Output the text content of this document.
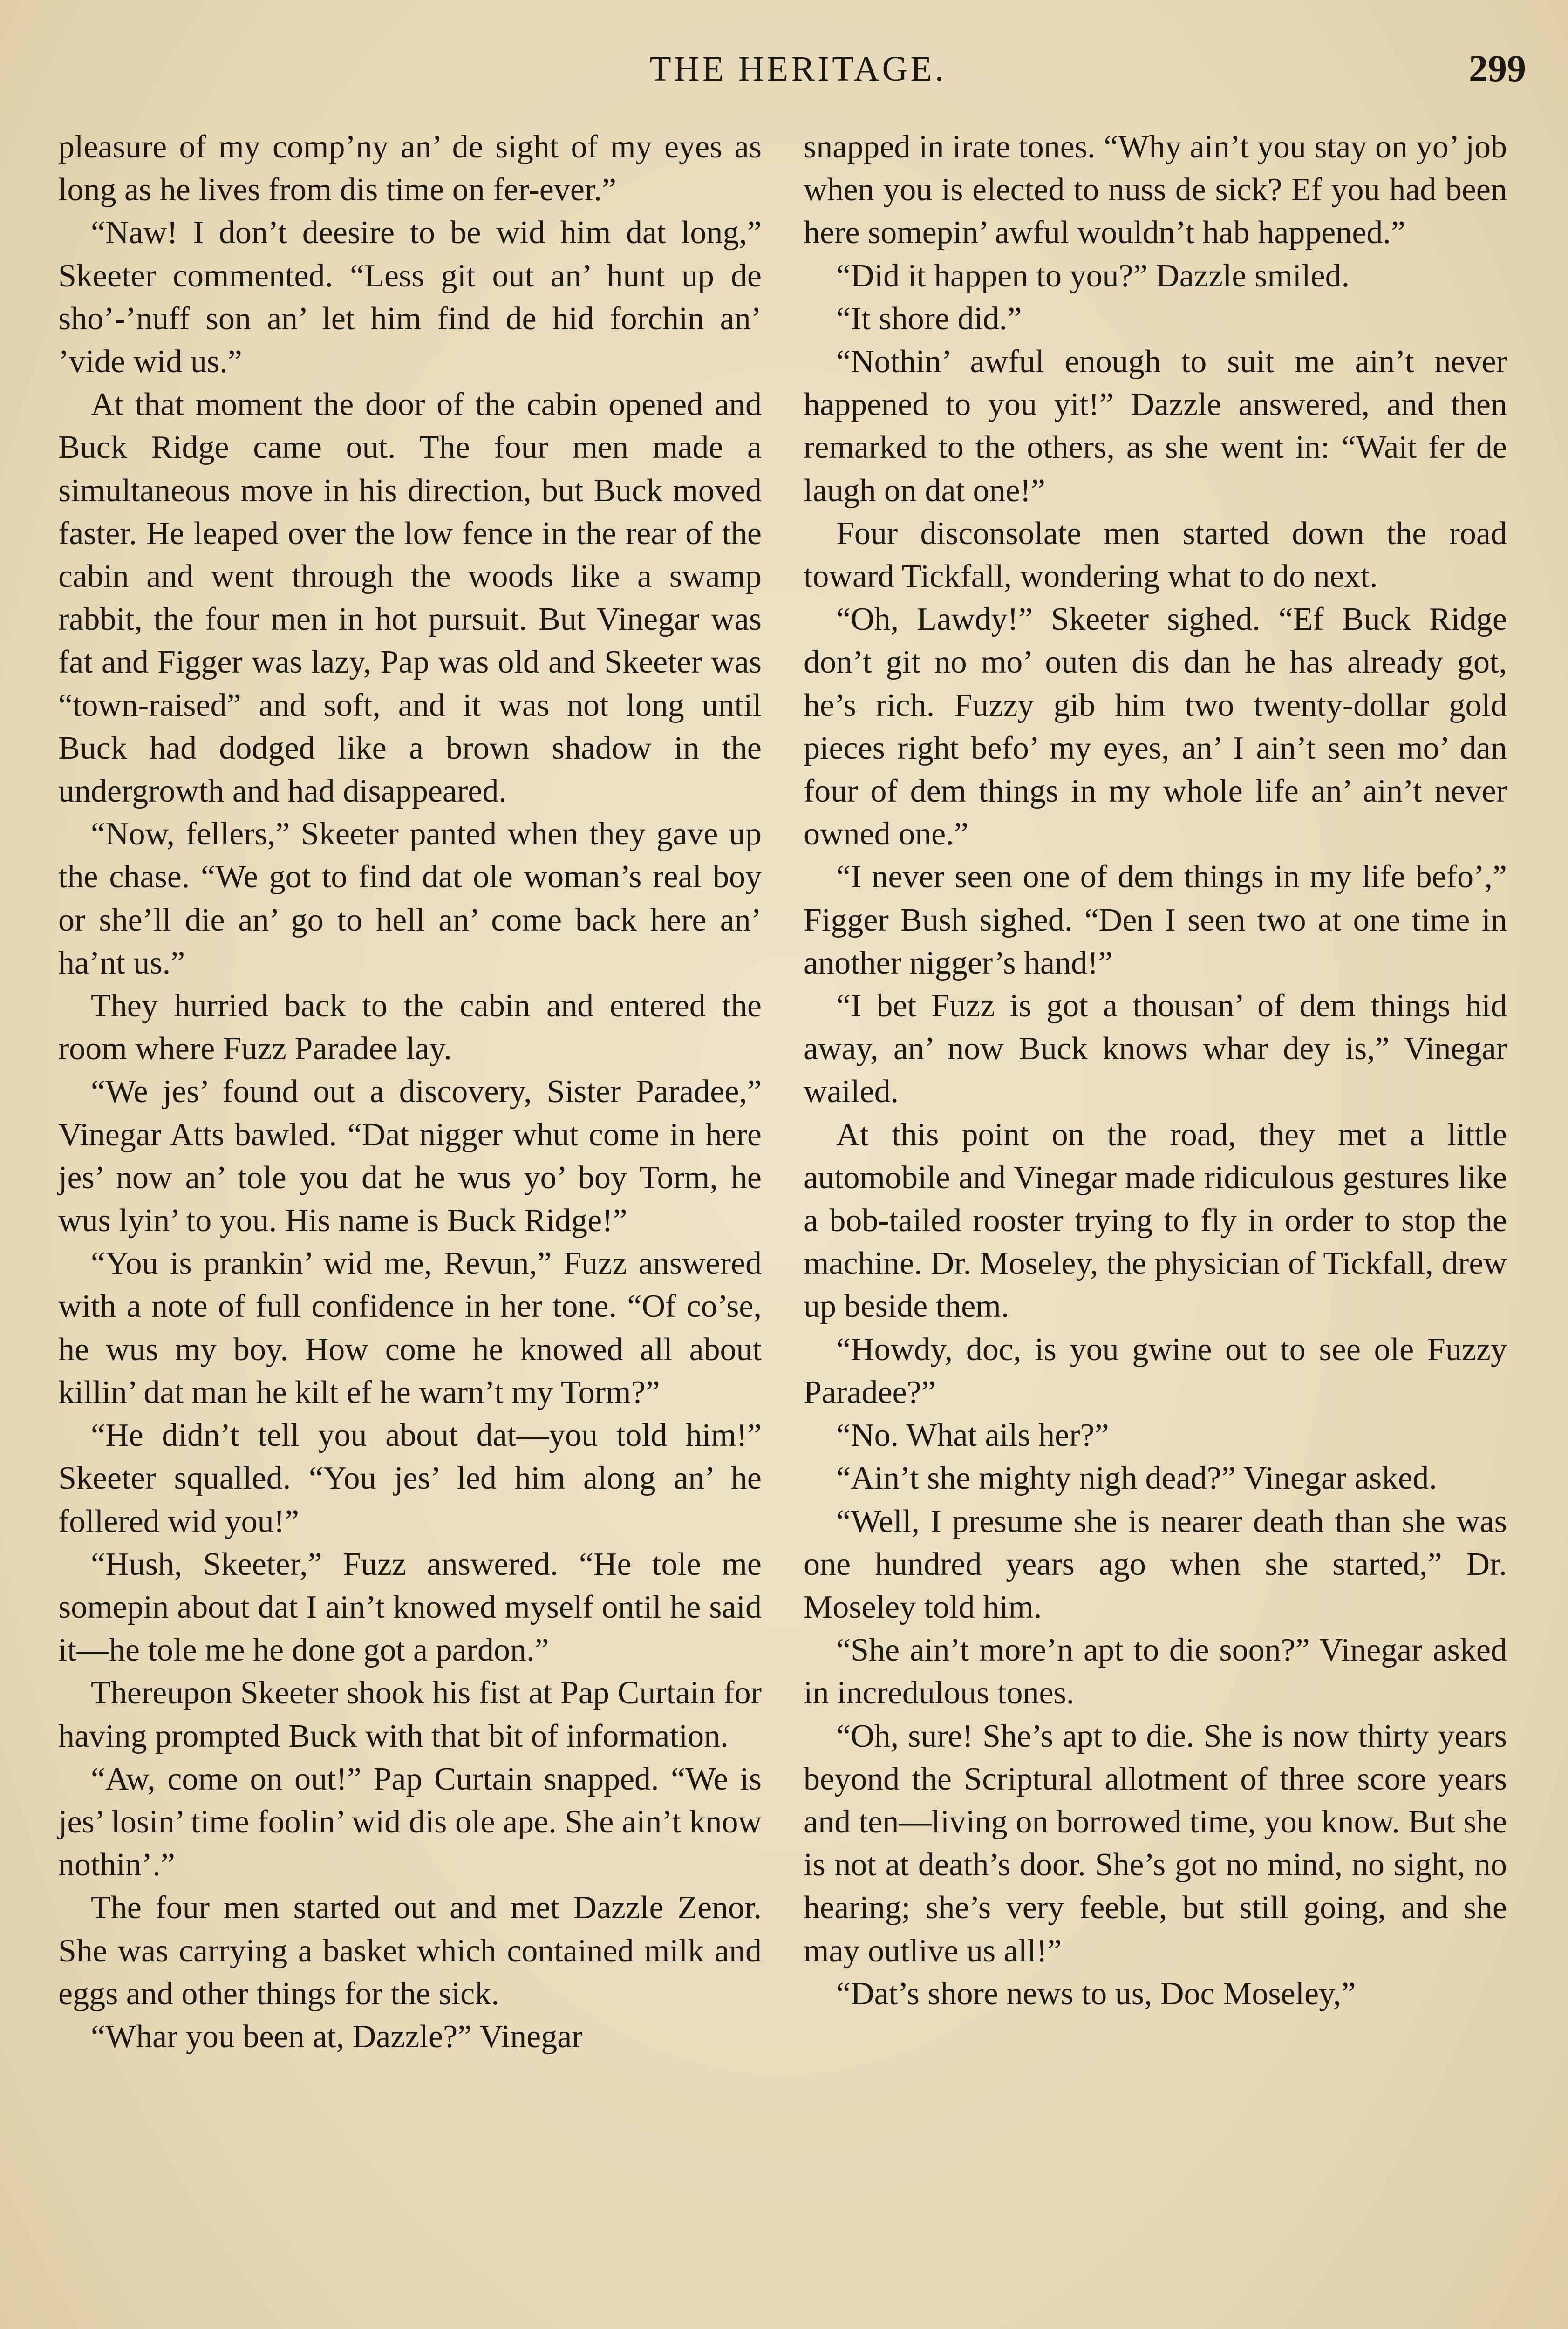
THE HERITAGE.	299

pleasure of my comp’ny an’ de sight of my eyes as long as he lives from dis time on fer-ever.”

“Naw! I don’t deesire to be wid him dat long,” Skeeter commented. “Less git out an’ hunt up de sho’-’nuff son an’ let him find de hid forchin an’ ’vide wid us.”

At that moment the door of the cabin opened and Buck Ridge came out. The four men made a simultaneous move in his direction, but Buck moved faster. He leaped over the low fence in the rear of the cabin and went through the woods like a swamp rabbit, the four men in hot pursuit. But Vinegar was fat and Figger was lazy, Pap was old and Skeeter was “town-raised” and soft, and it was not long until Buck had dodged like a brown shadow in the undergrowth and had disappeared.

“Now, fellers,” Skeeter panted when they gave up the chase. “We got to find dat ole woman’s real boy or she’ll die an’ go to hell an’ come back here an’ ha’nt us.”

They hurried back to the cabin and entered the room where Fuzz Paradee lay.

“We jes’ found out a discovery, Sister Paradee,” Vinegar Atts bawled. “Dat nigger whut come in here jes’ now an’ tole you dat he wus yo’ boy Torm, he wus lyin’ to you. His name is Buck Ridge!”

“You is prankin’ wid me, Revun,” Fuzz answered with a note of full confidence in her tone. “Of co’se, he wus my boy. How come he knowed all about killin’ dat man he kilt ef he warn’t my Torm?”

“He didn’t tell you about dat—you told him!” Skeeter squalled. “You jes’ led him along an’ he follered wid you!”

“Hush, Skeeter,” Fuzz answered. “He tole me somepin about dat I ain’t knowed myself ontil he said it—he tole me he done got a pardon.”

Thereupon Skeeter shook his fist at Pap Curtain for having prompted Buck with that bit of information.

“Aw, come on out!” Pap Curtain snapped. “We is jes’ losin’ time foolin’ wid dis ole ape. She ain’t know nothin’.”

The four men started out and met Dazzle Zenor. She was carrying a basket which contained milk and eggs and other things for the sick.

“Whar you been at, Dazzle?” Vinegar

snapped in irate tones. “Why ain’t you stay on yo’ job when you is elected to nuss de sick? Ef you had been here somepin’ awful wouldn’t hab happened.”

“Did it happen to you?” Dazzle smiled.

“It shore did.”

“Nothin’ awful enough to suit me ain’t never happened to you yit!” Dazzle answered, and then remarked to the others, as she went in: “Wait fer de laugh on dat one!”

Four disconsolate men started down the road toward Tickfall, wondering what to do next.

“Oh, Lawdy!” Skeeter sighed. “Ef Buck Ridge don’t git no mo’ outen dis dan he has already got, he’s rich. Fuzzy gib him two twenty-dollar gold pieces right befo’ my eyes, an’ I ain’t seen mo’ dan four of dem things in my whole life an’ ain’t never owned one.”

“I never seen one of dem things in my life befo’,” Figger Bush sighed. “Den I seen two at one time in another nigger’s hand!”

“I bet Fuzz is got a thousan’ of dem things hid away, an’ now Buck knows whar dey is,” Vinegar wailed.

At this point on the road, they met a little automobile and Vinegar made ridiculous gestures like a bob-tailed rooster trying to fly in order to stop the machine. Dr. Moseley, the physician of Tickfall, drew up beside them.

“Howdy, doc, is you gwine out to see ole Fuzzy Paradee?”

“No. What ails her?”

“Ain’t she mighty nigh dead?” Vinegar asked.

“Well, I presume she is nearer death than she was one hundred years ago when she started,” Dr. Moseley told him.

“She ain’t more’n apt to die soon?” Vinegar asked in incredulous tones.

“Oh, sure! She’s apt to die. She is now thirty years beyond the Scriptural allotment of three score years and ten—living on borrowed time, you know. But she is not at death’s door. She’s got no mind, no sight, no hearing; she’s very feeble, but still going, and she may outlive us all!”

“Dat’s shore news to us, Doc Moseley,”
